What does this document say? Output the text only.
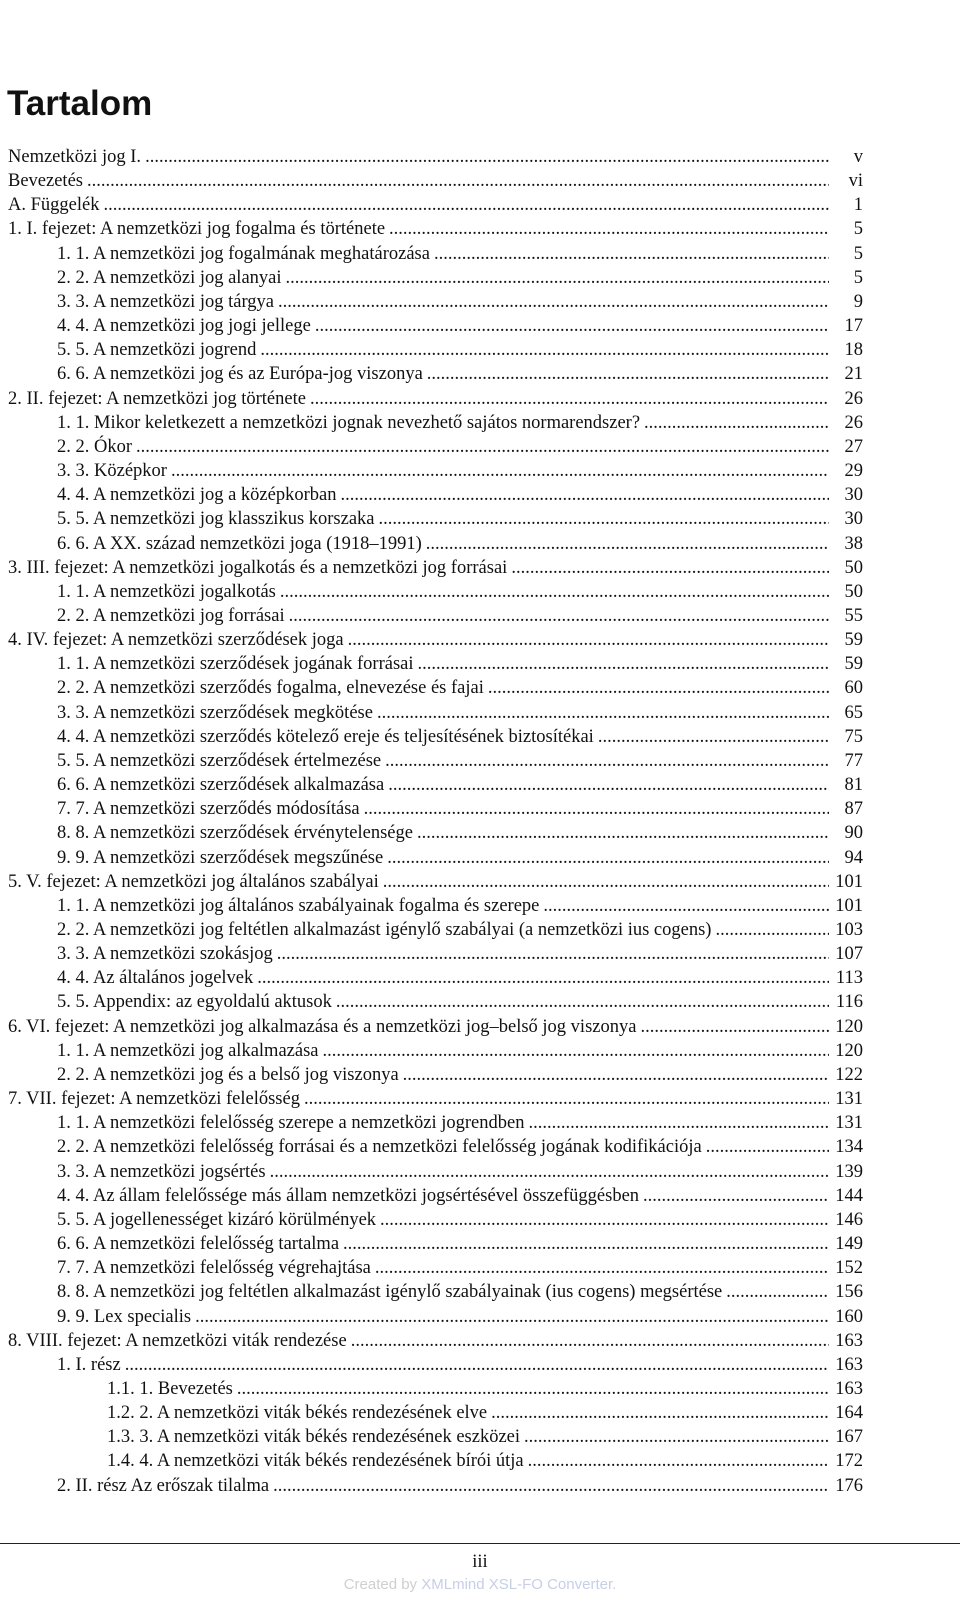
Tartalom
Nemzetközi jog I. .....	v
Bevezetés .....	vi
A. Függelék .....	1
1. I. fejezet: A nemzetközi jog fogalma és története .....	5
1. 1. A nemzetközi jog fogalmának meghatározása .....	5
2. 2. A nemzetközi jog alanyai .....	5
3. 3. A nemzetközi jog tárgya .....	9
4. 4. A nemzetközi jog jogi jellege .....	17
5. 5. A nemzetközi jogrend .....	18
6. 6. A nemzetközi jog és az Európa-jog viszonya .....	21
2. II. fejezet: A nemzetközi jog története .....	26
1. 1. Mikor keletkezett a nemzetközi jognak nevezhető sajátos normarendszer? .....	26
2. 2. Ókor .....	27
3. 3. Középkor .....	29
4. 4. A nemzetközi jog a középkorban .....	30
5. 5. A nemzetközi jog klasszikus korszaka .....	30
6. 6. A XX. század nemzetközi joga (1918–1991) .....	38
3. III. fejezet: A nemzetközi jogalkotás és a nemzetközi jog forrásai .....	50
1. 1. A nemzetközi jogalkotás .....	50
2. 2. A nemzetközi jog forrásai .....	55
4. IV. fejezet: A nemzetközi szerződések joga .....	59
1. 1. A nemzetközi szerződések jogának forrásai .....	59
2. 2. A nemzetközi szerződés fogalma, elnevezése és fajai .....	60
3. 3. A nemzetközi szerződések megkötése .....	65
4. 4. A nemzetközi szerződés kötelező ereje és teljesítésének biztosítékai .....	75
5. 5. A nemzetközi szerződések értelmezése .....	77
6. 6. A nemzetközi szerződések alkalmazása .....	81
7. 7. A nemzetközi szerződés módosítása .....	87
8. 8. A nemzetközi szerződések érvénytelensége .....	90
9. 9. A nemzetközi szerződések megszűnése .....	94
5. V. fejezet: A nemzetközi jog általános szabályai .....	101
1. 1. A nemzetközi jog általános szabályainak fogalma és szerepe .....	101
2. 2. A nemzetközi jog feltétlen alkalmazást igénylő szabályai (a nemzetközi ius cogens) .....	103
3. 3. A nemzetközi szokásjog .....	107
4. 4. Az általános jogelvek .....	113
5. 5. Appendix: az egyoldalú aktusok .....	116
6. VI. fejezet: A nemzetközi jog alkalmazása és a nemzetközi jog–belső jog viszonya .....	120
1. 1. A nemzetközi jog alkalmazása .....	120
2. 2. A nemzetközi jog és a belső jog viszonya .....	122
7. VII. fejezet: A nemzetközi felelősség .....	131
1. 1. A nemzetközi felelősség szerepe a nemzetközi jogrendben .....	131
2. 2. A nemzetközi felelősség forrásai és a nemzetközi felelősség jogának kodifikációja .....	134
3. 3. A nemzetközi jogsértés .....	139
4. 4. Az állam felelőssége más állam nemzetközi jogsértésével összefüggésben .....	144
5. 5. A jogellenességet kizáró körülmények .....	146
6. 6. A nemzetközi felelősség tartalma .....	149
7. 7. A nemzetközi felelősség végrehajtása .....	152
8. 8. A nemzetközi jog feltétlen alkalmazást igénylő szabályainak (ius cogens) megsértése .....	156
9. 9. Lex specialis .....	160
8. VIII. fejezet: A nemzetközi viták rendezése .....	163
1. I. rész .....	163
1.1. 1. Bevezetés .....	163
1.2. 2. A nemzetközi viták békés rendezésének elve .....	164
1.3. 3. A nemzetközi viták békés rendezésének eszközei .....	167
1.4. 4. A nemzetközi viták békés rendezésének bírói útja .....	172
2. II. rész Az erőszak tilalma .....	176
iii
Created by XMLmind XSL-FO Converter.
